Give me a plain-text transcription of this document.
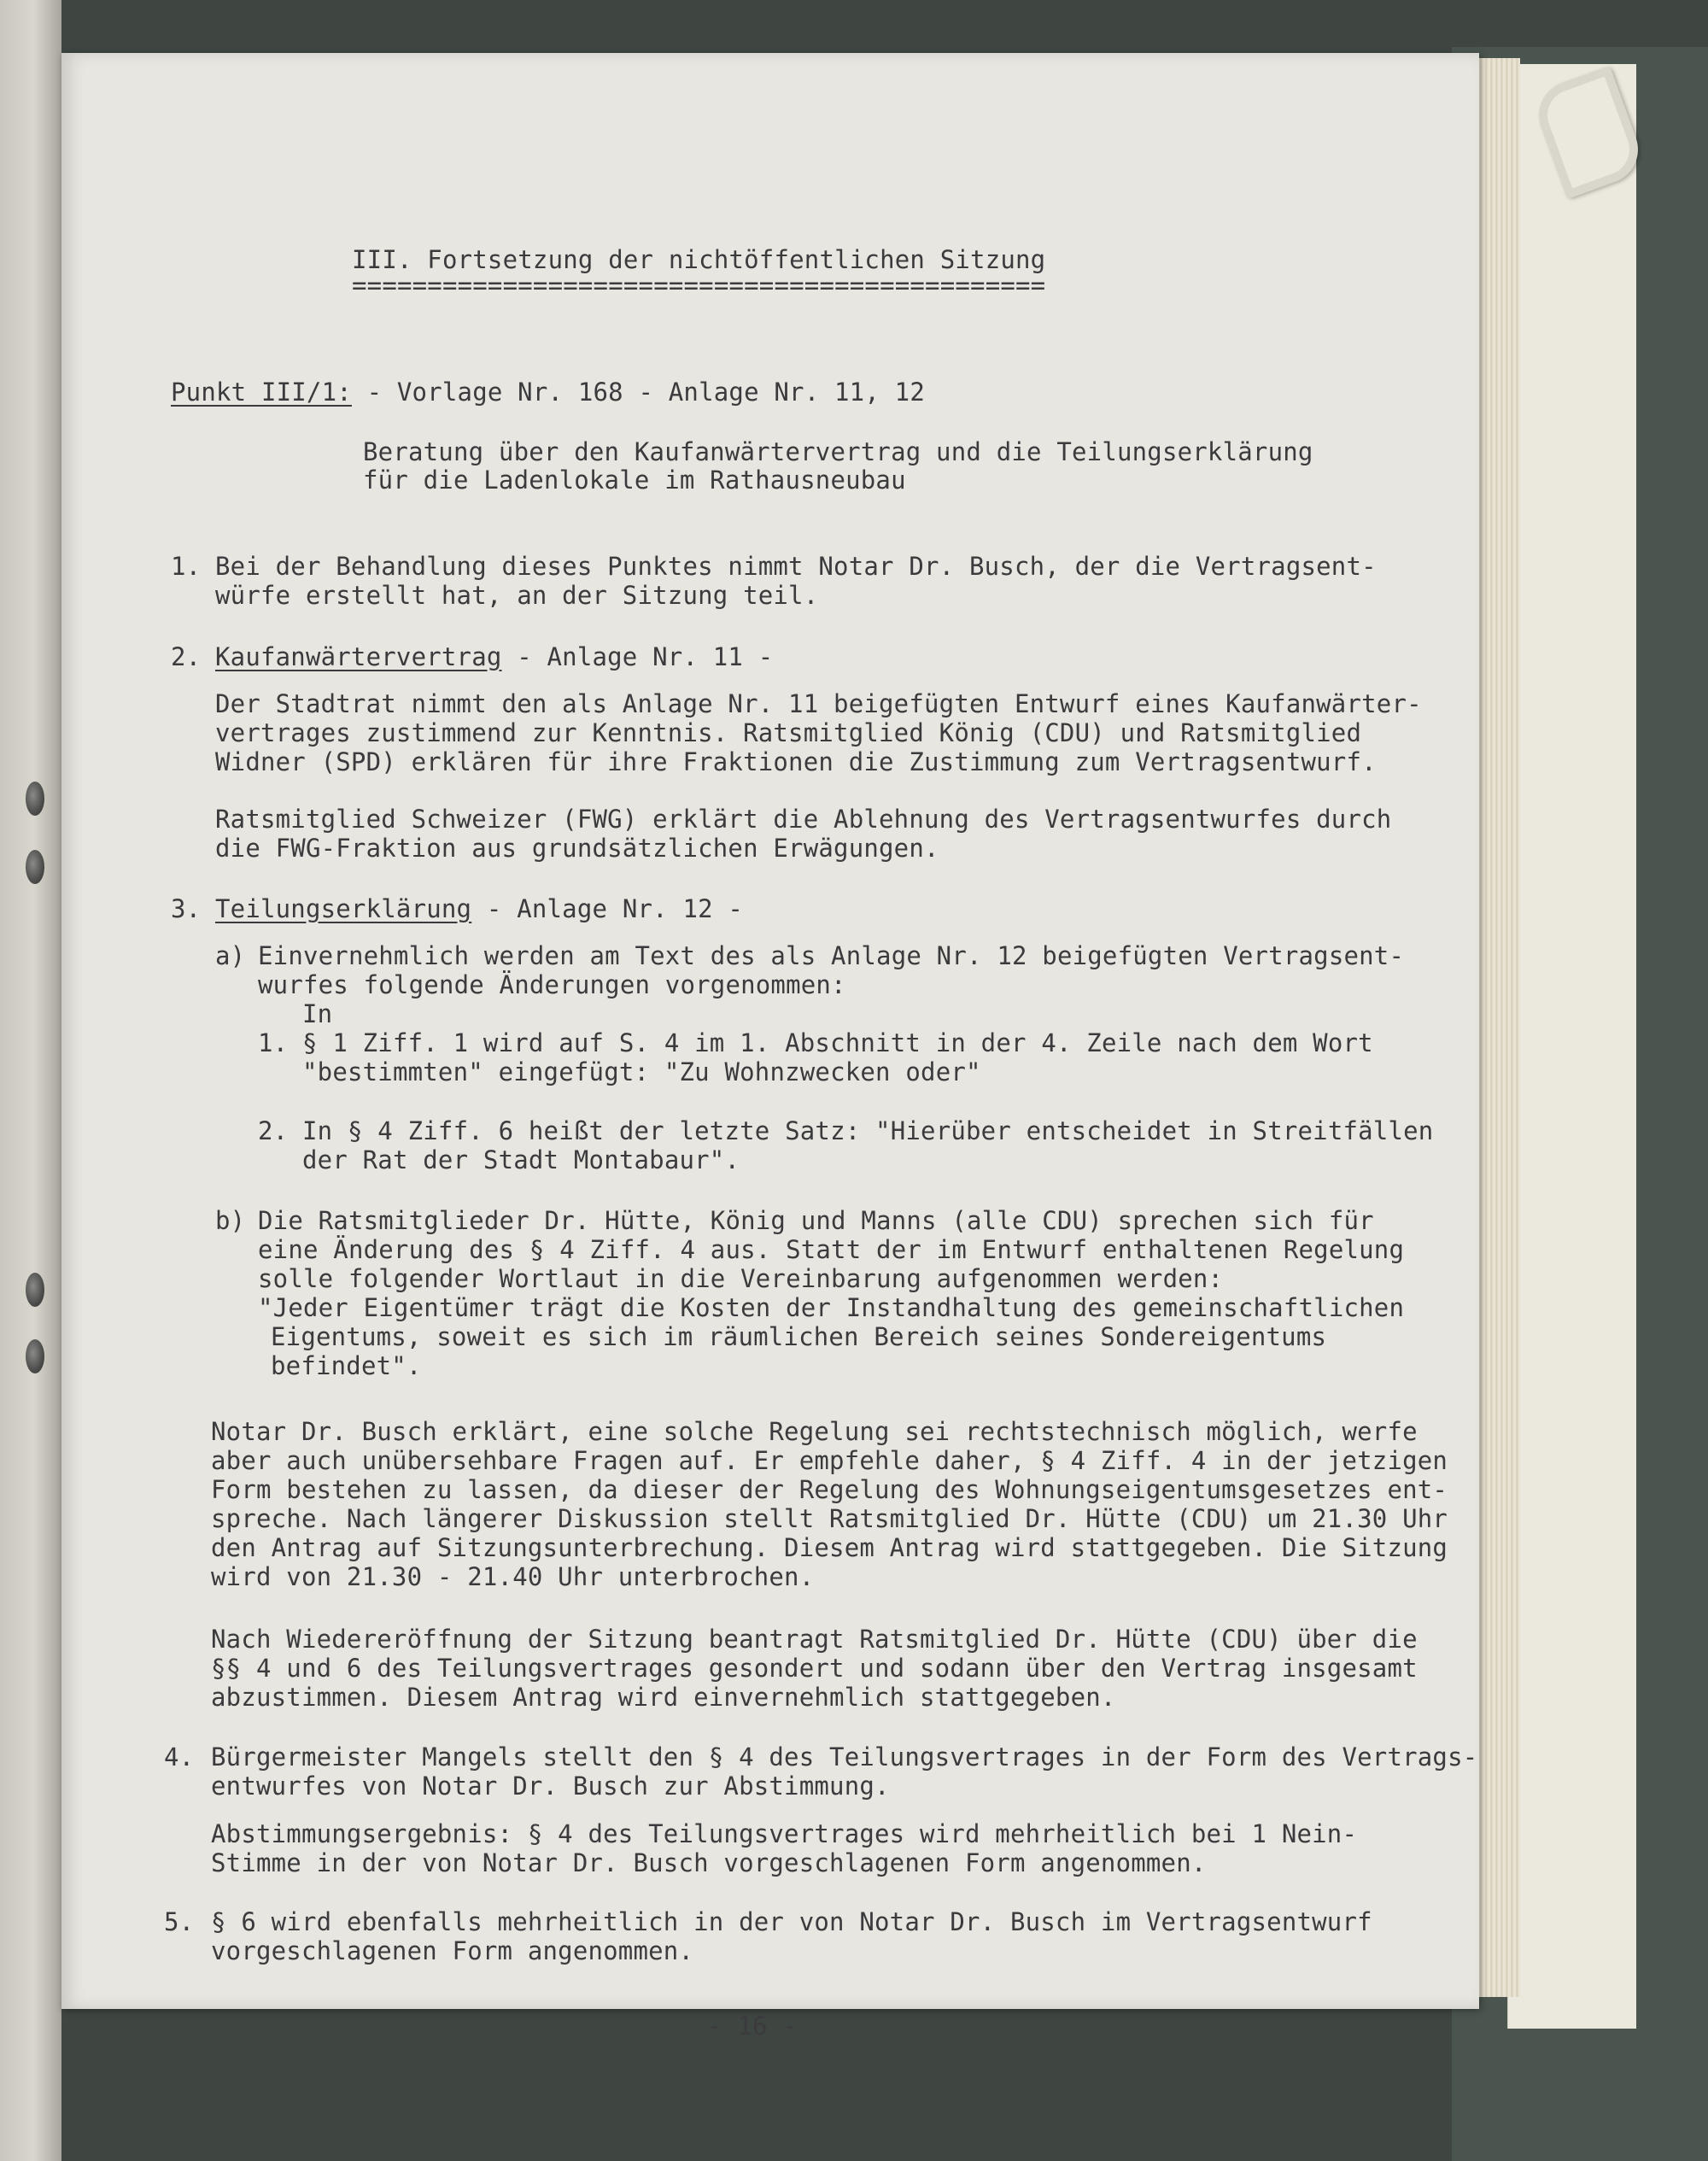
III. Fortsetzung der nichtöffentlichen Sitzung
==============================================
Punkt III/1: - Vorlage Nr. 168 - Anlage Nr. 11, 12
Beratung über den Kaufanwärtervertrag und die Teilungserklärung
für die Ladenlokale im Rathausneubau
1. Bei der Behandlung dieses Punktes nimmt Notar Dr. Busch, der die Vertragsent-
würfe erstellt hat, an der Sitzung teil.
2. Kaufanwärtervertrag - Anlage Nr. 11 -
Der Stadtrat nimmt den als Anlage Nr. 11 beigefügten Entwurf eines Kaufanwärter-
vertrages zustimmend zur Kenntnis. Ratsmitglied König (CDU) und Ratsmitglied
Widner (SPD) erklären für ihre Fraktionen die Zustimmung zum Vertragsentwurf.
Ratsmitglied Schweizer (FWG) erklärt die Ablehnung des Vertragsentwurfes durch
die FWG-Fraktion aus grundsätzlichen Erwägungen.
3. Teilungserklärung - Anlage Nr. 12 -
a) Einvernehmlich werden am Text des als Anlage Nr. 12 beigefügten Vertragsent-
wurfes folgende Änderungen vorgenommen:
In
1. § 1 Ziff. 1 wird auf S. 4 im 1. Abschnitt in der 4. Zeile nach dem Wort
"bestimmten" eingefügt: "Zu Wohnzwecken oder"
2. In § 4 Ziff. 6 heißt der letzte Satz: "Hierüber entscheidet in Streitfällen
der Rat der Stadt Montabaur".
b) Die Ratsmitglieder Dr. Hütte, König und Manns (alle CDU) sprechen sich für
eine Änderung des § 4 Ziff. 4 aus. Statt der im Entwurf enthaltenen Regelung
solle folgender Wortlaut in die Vereinbarung aufgenommen werden:
"Jeder Eigentümer trägt die Kosten der Instandhaltung des gemeinschaftlichen
Eigentums, soweit es sich im räumlichen Bereich seines Sondereigentums
befindet".
Notar Dr. Busch erklärt, eine solche Regelung sei rechtstechnisch möglich, werfe
aber auch unübersehbare Fragen auf. Er empfehle daher, § 4 Ziff. 4 in der jetzigen
Form bestehen zu lassen, da dieser der Regelung des Wohnungseigentumsgesetzes ent-
spreche. Nach längerer Diskussion stellt Ratsmitglied Dr. Hütte (CDU) um 21.30 Uhr
den Antrag auf Sitzungsunterbrechung. Diesem Antrag wird stattgegeben. Die Sitzung
wird von 21.30 - 21.40 Uhr unterbrochen.
Nach Wiedereröffnung der Sitzung beantragt Ratsmitglied Dr. Hütte (CDU) über die
§§ 4 und 6 des Teilungsvertrages gesondert und sodann über den Vertrag insgesamt
abzustimmen. Diesem Antrag wird einvernehmlich stattgegeben.
4. Bürgermeister Mangels stellt den § 4 des Teilungsvertrages in der Form des Vertrags-
entwurfes von Notar Dr. Busch zur Abstimmung.
Abstimmungsergebnis: § 4 des Teilungsvertrages wird mehrheitlich bei 1 Nein-
Stimme in der von Notar Dr. Busch vorgeschlagenen Form angenommen.
5. § 6 wird ebenfalls mehrheitlich in der von Notar Dr. Busch im Vertragsentwurf
vorgeschlagenen Form angenommen.
- 16 -
